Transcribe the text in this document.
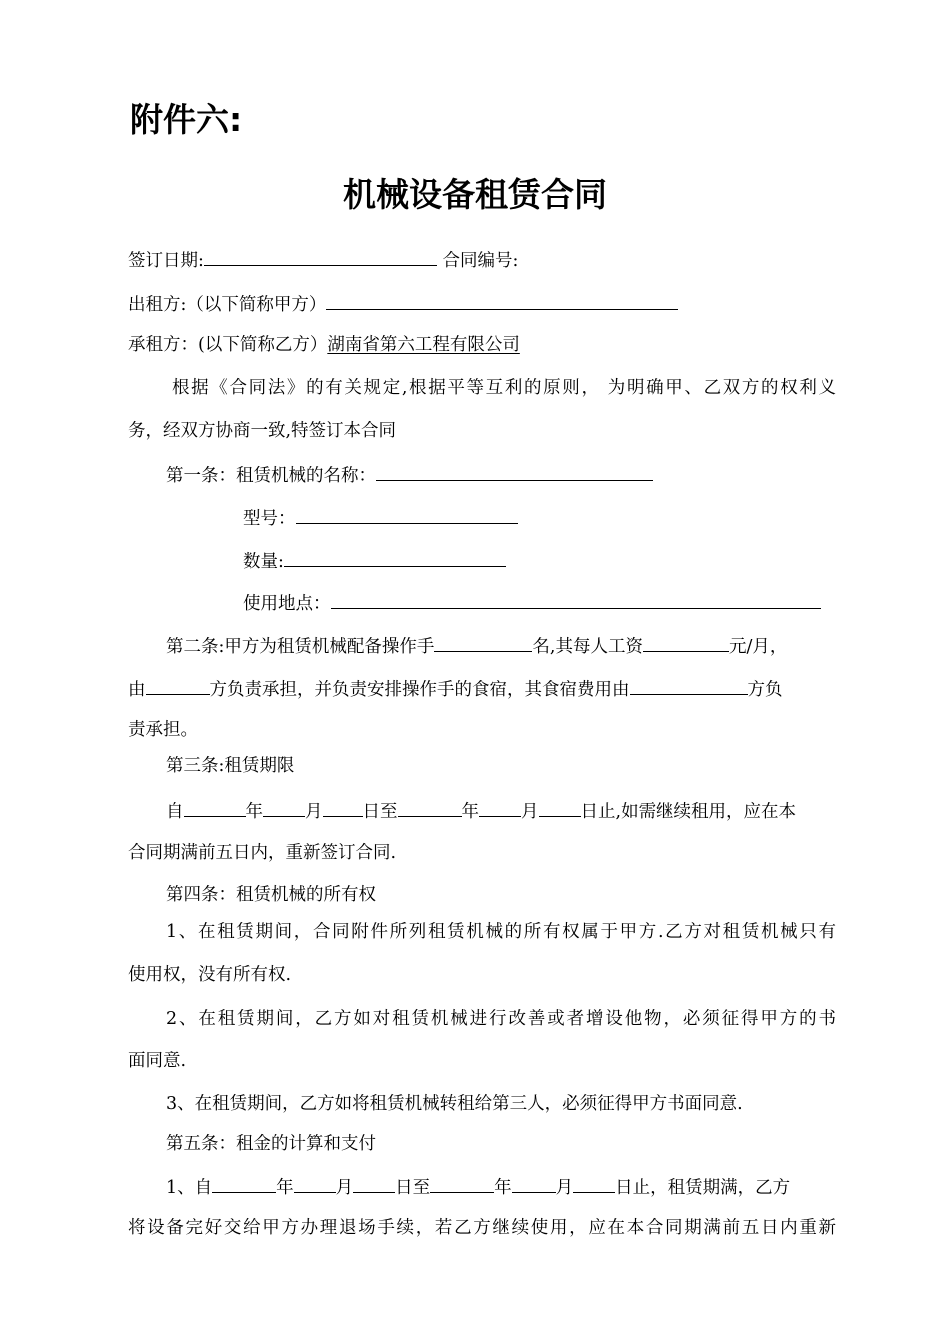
附件六:
机械设备租赁合同
签订日期:	合同编号:
出租方:（以下简称甲方）
承租方：(以下简称乙方）湖南省第六工程有限公司
根据《合同法》的有关规定,根据平等互利的原则， 为明确甲、乙双方的权利义
务，经双方协商一致,特签订本合同
第一条：租赁机械的名称：
型号：
数量:
使用地点：
第二条:甲方为租赁机械配备操作手	名,其每人工资	元/月，
由	方负责承担，并负责安排操作手的食宿，其食宿费用由	方负
责承担。
第三条:租赁期限
自	年 月 日至	年 月 日止,如需继续租用，应在本
合同期满前五日内，重新签订合同.
第四条：租赁机械的所有权
1、在租赁期间，合同附件所列租赁机械的所有权属于甲方.乙方对租赁机械只有
使用权，没有所有权.
2、在租赁期间，乙方如对租赁机械进行改善或者增设他物，必须征得甲方的书
面同意.
3、在租赁期间，乙方如将租赁机械转租给第三人，必须征得甲方书面同意.
第五条：租金的计算和支付
1、自	年 月 日至	年	月 日止，租赁期满，乙方
将设备完好交给甲方办理退场手续，若乙方继续使用，应在本合同期满前五日内重新
